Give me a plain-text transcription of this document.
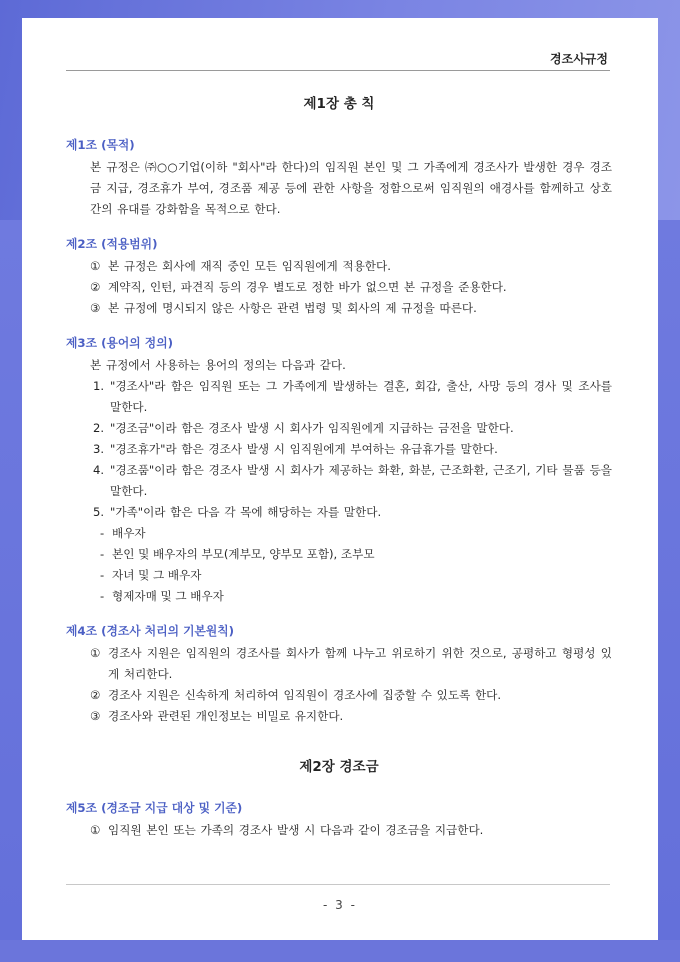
경조사규정
제1장 총 칙
제1조 (목적)
본 규정은 ㈜○○기업(이하 "회사"라 한다)의 임직원 본인 및 그 가족에게 경조사가 발생한 경우 경조금 지급, 경조휴가 부여, 경조품 제공 등에 관한 사항을 정함으로써 임직원의 애경사를 함께하고 상호 간의 유대를 강화함을 목적으로 한다.
제2조 (적용범위)
① 본 규정은 회사에 재직 중인 모든 임직원에게 적용한다.
② 계약직, 인턴, 파견직 등의 경우 별도로 정한 바가 없으면 본 규정을 준용한다.
③ 본 규정에 명시되지 않은 사항은 관련 법령 및 회사의 제 규정을 따른다.
제3조 (용어의 정의)
본 규정에서 사용하는 용어의 정의는 다음과 같다.
1. "경조사"라 함은 임직원 또는 그 가족에게 발생하는 결혼, 회갑, 출산, 사망 등의 경사 및 조사를 말한다.
2. "경조금"이라 함은 경조사 발생 시 회사가 임직원에게 지급하는 금전을 말한다.
3. "경조휴가"라 함은 경조사 발생 시 임직원에게 부여하는 유급휴가를 말한다.
4. "경조품"이라 함은 경조사 발생 시 회사가 제공하는 화환, 화분, 근조화환, 근조기, 기타 물품 등을 말한다.
5. "가족"이라 함은 다음 각 목에 해당하는 자를 말한다.
- 배우자
- 본인 및 배우자의 부모(계부모, 양부모 포함), 조부모
- 자녀 및 그 배우자
- 형제자매 및 그 배우자
제4조 (경조사 처리의 기본원칙)
① 경조사 지원은 임직원의 경조사를 회사가 함께 나누고 위로하기 위한 것으로, 공평하고 형평성 있게 처리한다.
② 경조사 지원은 신속하게 처리하여 임직원이 경조사에 집중할 수 있도록 한다.
③ 경조사와 관련된 개인정보는 비밀로 유지한다.
제2장 경조금
제5조 (경조금 지급 대상 및 기준)
① 임직원 본인 또는 가족의 경조사 발생 시 다음과 같이 경조금을 지급한다.
- 3 -
